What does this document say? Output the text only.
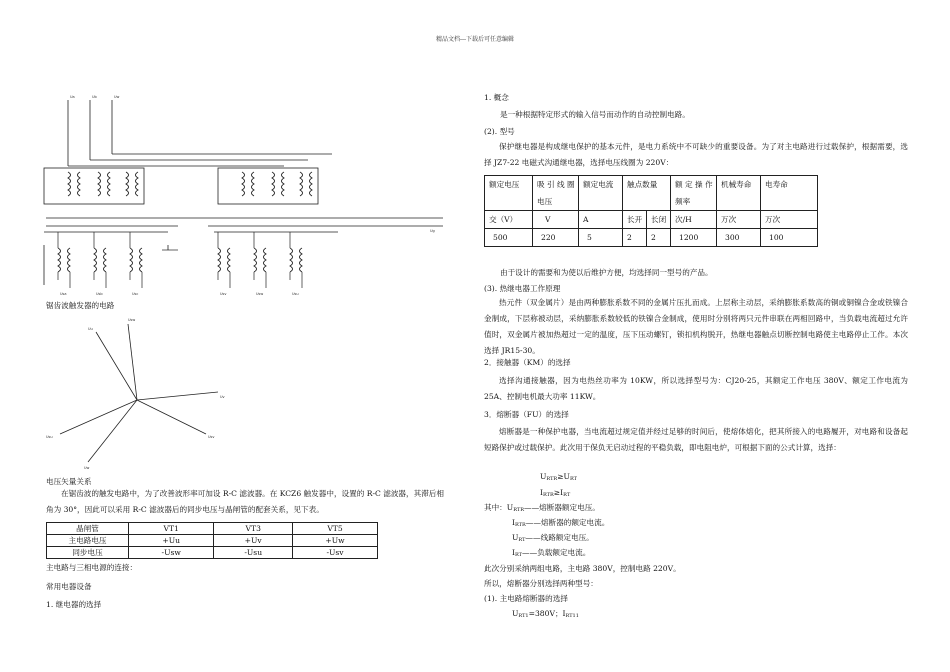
精品文档---下载后可任意编辑
Ua	Ub	Uw
Ug
Usa	Usb	Usc	Usv	Usw	Usu
锯齿波触发器的电路
Usw
Uu
Uv
Usu	Usv
Uw
电压矢量关系
在锯齿波的触发电路中，为了改善波形率可加设 R-C 滤波器。在 KCZ6 触发器中，设置的 R-C 滤波器，其滞后相角为 30°，因此可以采用 R-C 滤波器后的同步电压与晶闸管的配套关系，见下表。
晶闸管	VT1	VT3	VT5
主电路电压	+Uu	+Uv	+Uw
同步电压	-Usw	-Usu	-Usv
主电路与三相电源的连接：
常用电器设备
1. 继电器的选择
1. 概念
是一种根据特定形式的输入信号而动作的自动控制电路。
(2). 型号
保护继电器是构成继电保护的基本元件，是电力系统中不可缺少的重要设备。为了对主电路进行过载保护，根据需要，选择 JZ7-22 电磁式沟通继电器，选择电压线圈为 220V：
额定电压	吸 引 线 圈 电压	额定电流	触点数量		额 定 操 作 频率	机械寿命	电寿命
交（V）	V	A	长开	长闭	次/H	万次	万次
500	220	5	2	2	1200	300	100
由于设计的需要和为使以后维护方便，均选择同一型号的产品。
(3). 热继电器工作原理
热元件（双金属片）是由两种膨胀系数不同的金属片压扎而成。上层称主动层，采纳膨胀系数高的铜或铜镍合金或铁镍合金制成，下层称被动层，采纳膨胀系数较低的铁镍合金制成，使用时分别将两只元件串联在两相回路中，当负载电流超过允许值时，双金属片被加热超过一定的温度，压下压动螺钉，锁扣机构脱开，热继电器触点切断控制电路使主电路停止工作。本次选择 JR15-30。
2．接触器（KM）的选择
选择沟通接触器，因为电热丝功率为 10KW，所以选择型号为：CJ20-25，其额定工作电压 380V、额定工作电流为 25A、控制电机最大功率 11KW。
3．熔断器（FU）的选择
熔断器是一种保护电器，当电流超过规定值并经过足够的时间后，使熔体熔化，把其所接入的电路履开，对电路和设备起短路保护或过载保护。此次用于保负无启动过程的平稳负载，即电阻电炉，可根据下面的公式计算，选择：
$U_{RTR}\ge U_{RT}$
$I_{RTR}\ge I_{RT}$
其中：$U_{RTR}——$熔断器额定电压。
$I_{RTR}——$熔断器的额定电流。
$U_{RT}——$线路额定电压。
$I_{RT}——$负载额定电流。
此次分别采纳两组电路，主电路 380V，控制电路 220V。
所以，熔断器分别选择两种型号：
(1). 主电路熔断器的选择
$U_{RT1}=380V$；$I_{RT11}$
